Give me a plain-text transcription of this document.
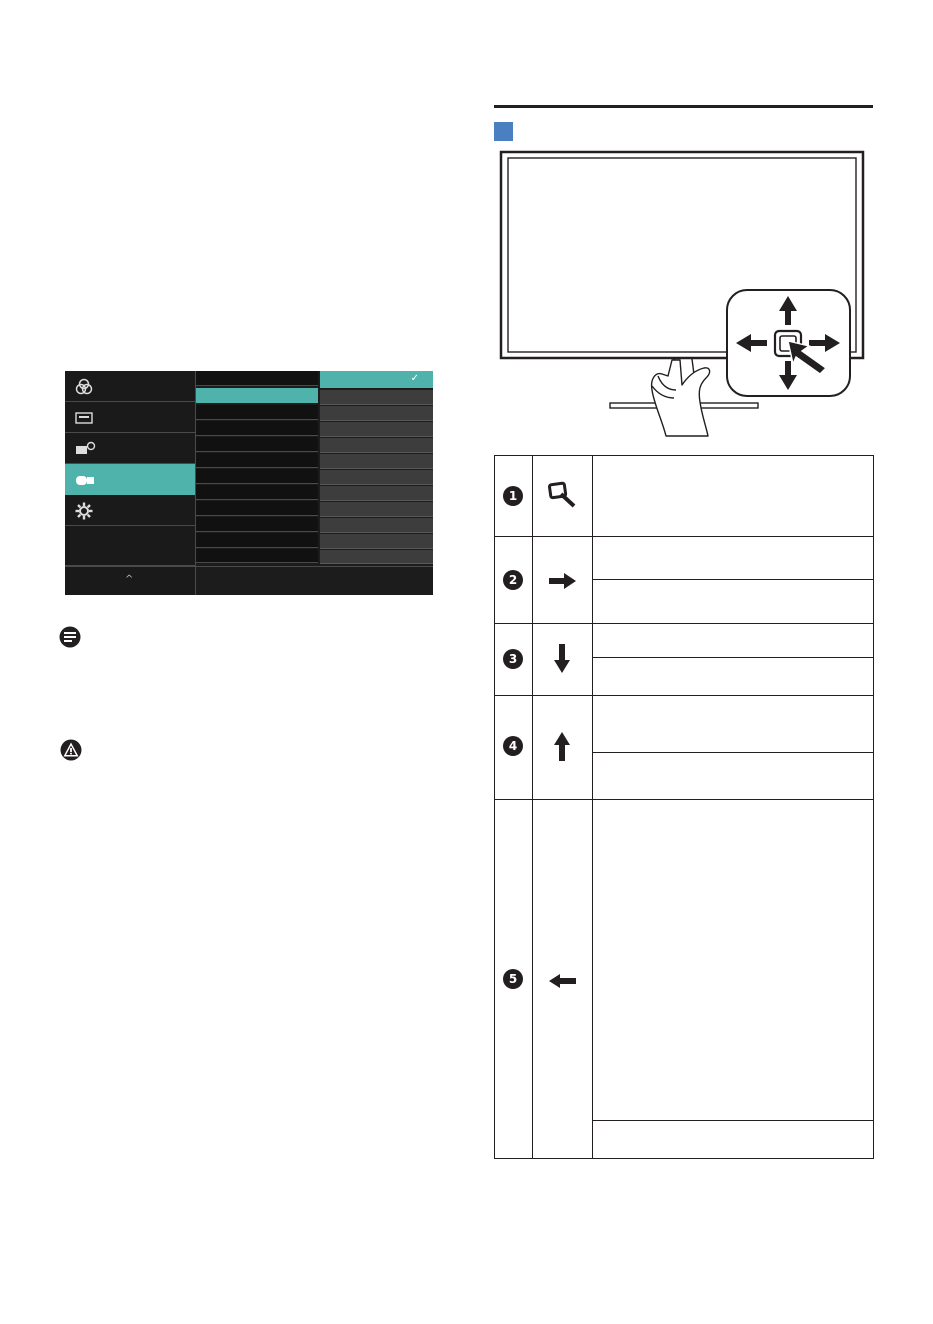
✓
^
1
2
3
4
5
